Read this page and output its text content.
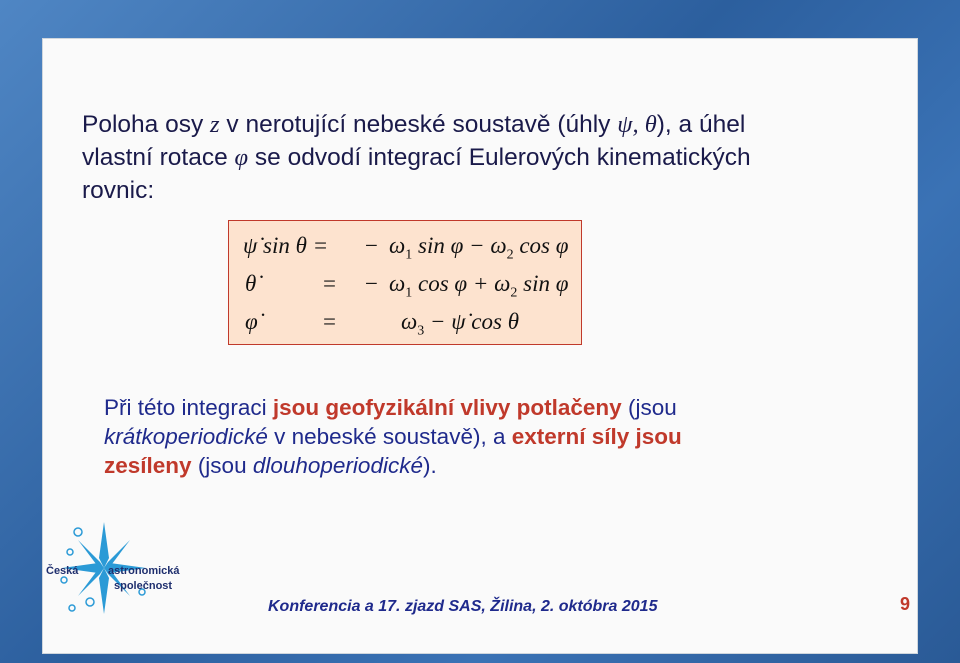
Poloha osy z v nerotující nebeské soustavě (úhly ψ, θ), a úhel
vlastní rotace φ se odvodí integrací Eulerových kinematických
rovnic:
ψ̇ sin θ = − $\omega_1$ $\sin \varphi - \omega_2$ cos φ
θ̇	= − $\omega_1$ $\cos \varphi + \omega_2$ sin φ
φ̇	=	$\omega_3$ − ψ̇ cos θ
Při této integraci jsou geofyzikální vlivy potlačeny (jsou
krátkoperiodické v nebeské soustavě), a externí síly jsou
zesíleny (jsou dlouhoperiodické).
Česká	astronomická
společnost
Konferencia a 17. zjazd SAS, Žilina, 2. októbra 2015	9
